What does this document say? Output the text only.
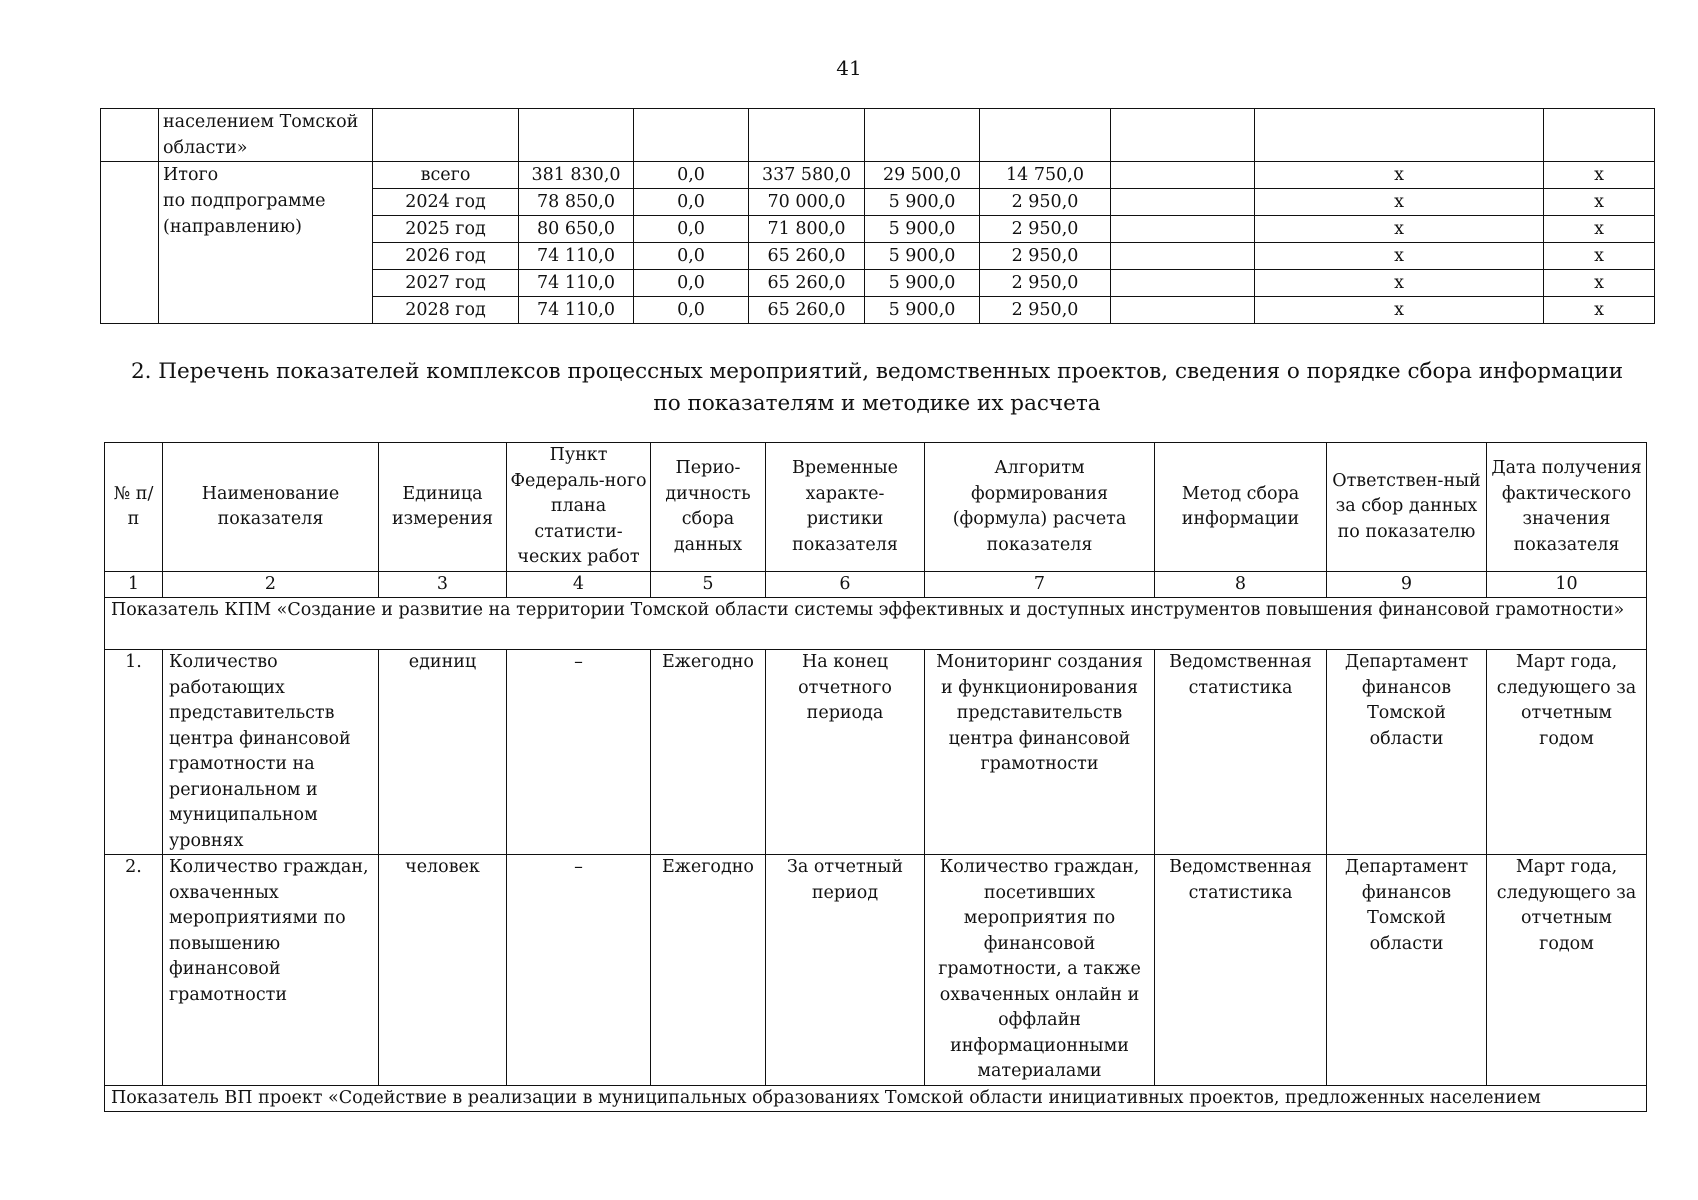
41
	населением Томской области»									

	Итого
по подпрограмме
(направлению)	всего	381 830,0	0,0	337 580,0	29 500,0	14 750,0		x	x
		2024 год	78 850,0	0,0	70 000,0	5 900,0	2 950,0		x	x
		2025 год	80 650,0	0,0	71 800,0	5 900,0	2 950,0		x	x
		2026 год	74 110,0	0,0	65 260,0	5 900,0	2 950,0		x	x
		2027 год	74 110,0	0,0	65 260,0	5 900,0	2 950,0		x	x
		2028 год	74 110,0	0,0	65 260,0	5 900,0	2 950,0		x	x
2. Перечень показателей комплексов процессных мероприятий, ведомственных проектов, сведения о порядке сбора информации
по показателям и методике их расчета
№ п/п	Наименование показателя	Единица измерения	Пункт Федераль-ного плана статисти-ческих работ	Перио-дичность сбора данных	Временные характе-ристики показателя	Алгоритм формирования (формула) расчета показателя	Метод сбора информации	Ответствен-ный за сбор данных по показателю	Дата получения фактического значения показателя
1	2	3	4	5	6	7	8	9	10
Показатель КПМ «Создание и развитие на территории Томской области системы эффективных и доступных инструментов повышения финансовой грамотности»									
1.	Количество работающих представительств центра финансовой грамотности на региональном и муниципальном уровнях	единиц	–	Ежегодно	На конец отчетного периода	Мониторинг создания и функционирования представительств центра финансовой грамотности	Ведомственная статистика	Департамент финансов Томской области	Март года, следующего за отчетным годом
2.	Количество граждан, охваченных мероприятиями по повышению финансовой грамотности	человек	–	Ежегодно	За отчетный период	Количество граждан, посетивших мероприятия по финансовой грамотности, а также охваченных онлайн и оффлайн информационными материалами	Ведомственная статистика	Департамент финансов Томской области	Март года, следующего за отчетным годом
Показатель ВП проект «Содействие в реализации в муниципальных образованиях Томской области инициативных проектов, предложенных населением									
